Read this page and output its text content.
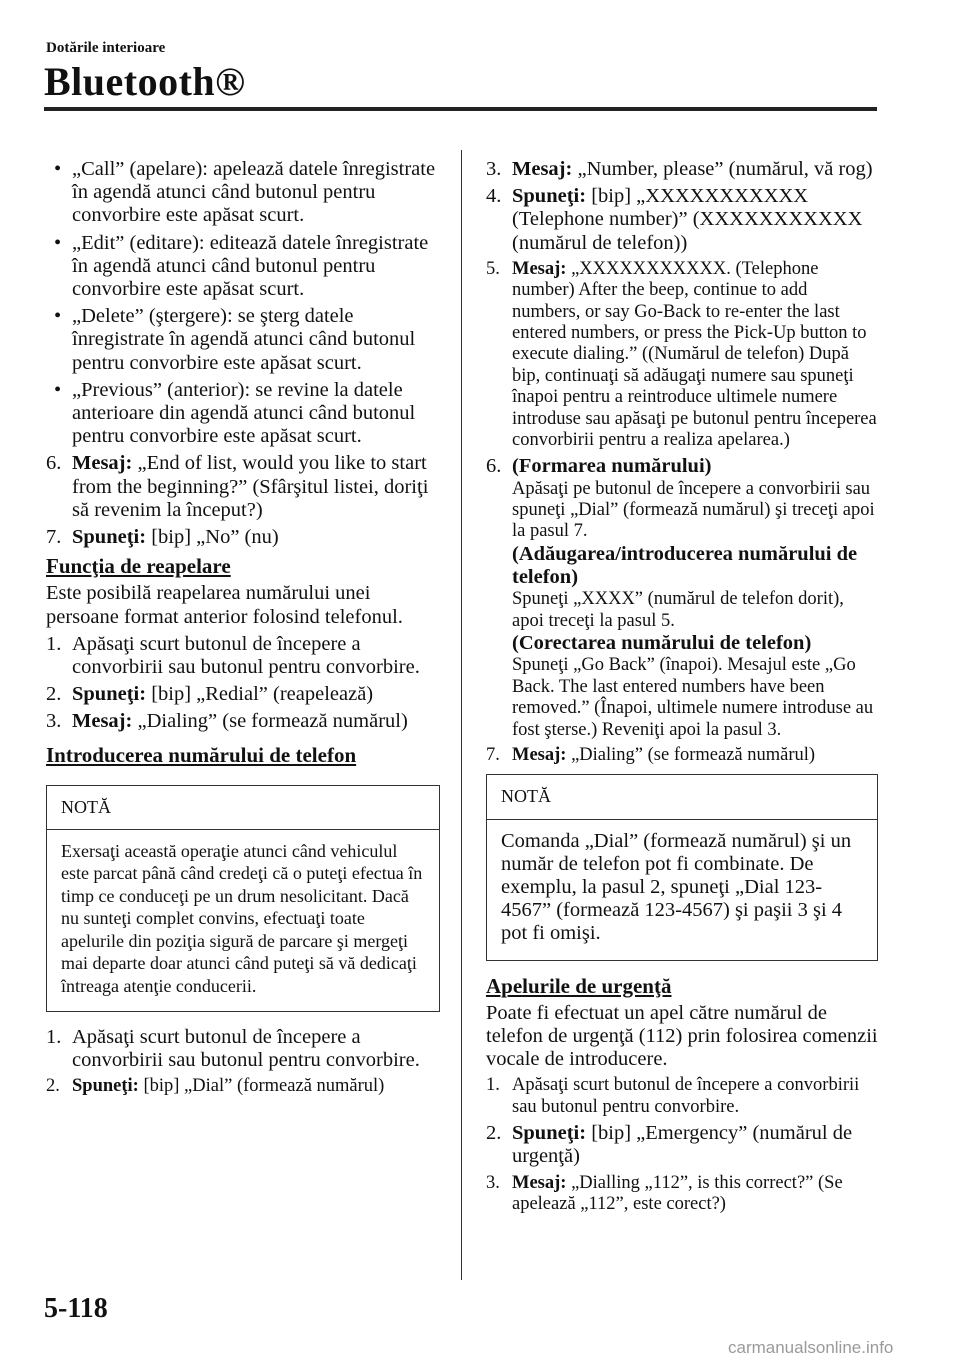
Dotările interioare
Bluetooth®
• „Call” (apelare): apelează datele înregistrate în agendă atunci când butonul pentru convorbire este apăsat scurt.
• „Edit” (editare): editează datele înregistrate în agendă atunci când butonul pentru convorbire este apăsat scurt.
• „Delete” (ştergere): se şterg datele înregistrate în agendă atunci când butonul pentru convorbire este apăsat scurt.
• „Previous” (anterior): se revine la datele anterioare din agendă atunci când butonul pentru convorbire este apăsat scurt.
6. Mesaj: „End of list, would you like to start from the beginning?” (Sfârşitul listei, doriţi să revenim la început?)
7. Spuneţi: [bip] „No” (nu)
Funcţia de reapelare
Este posibilă reapelarea numărului unei persoane format anterior folosind telefonul.
1. Apăsaţi scurt butonul de începere a convorbirii sau butonul pentru convorbire.
2. Spuneţi: [bip] „Redial” (reapelează)
3. Mesaj: „Dialing” (se formează numărul)
Introducerea numărului de telefon
NOTĂ
Exersaţi această operaţie atunci când vehiculul este parcat până când credeţi că o puteţi efectua în timp ce conduceţi pe un drum nesolicitant. Dacă nu sunteţi complet convins, efectuaţi toate apelurile din poziţia sigură de parcare şi mergeţi mai departe doar atunci când puteţi să vă dedicaţi întreaga atenţie conducerii.
1. Apăsaţi scurt butonul de începere a convorbirii sau butonul pentru convorbire.
2. Spuneţi: [bip] „Dial” (formează numărul)
3. Mesaj: „Number, please” (numărul, vă rog)
4. Spuneţi: [bip] „XXXXXXXXXXX (Telephone number)” (XXXXXXXXXXX (numărul de telefon))
5. Mesaj: „XXXXXXXXXXX. (Telephone number) After the beep, continue to add numbers, or say Go-Back to re-enter the last entered numbers, or press the Pick-Up button to execute dialing.” ((Numărul de telefon) După bip, continuaţi să adăugaţi numere sau spuneţi înapoi pentru a reintroduce ultimele numere introduse sau apăsaţi pe butonul pentru începerea convorbirii pentru a realiza apelarea.)
6. (Formarea numărului)
Apăsaţi pe butonul de începere a convorbirii sau spuneţi „Dial” (formează numărul) şi treceţi apoi la pasul 7.
(Adăugarea/introducerea numărului de telefon)
Spuneţi „XXXX” (numărul de telefon dorit), apoi treceţi la pasul 5.
(Corectarea numărului de telefon)
Spuneţi „Go Back” (înapoi). Mesajul este „Go Back. The last entered numbers have been removed.” (Înapoi, ultimele numere introduse au fost şterse.) Reveniţi apoi la pasul 3.
7. Mesaj: „Dialing” (se formează numărul)
NOTĂ
Comanda „Dial” (formează numărul) şi un număr de telefon pot fi combinate. De exemplu, la pasul 2, spuneţi „Dial 123-4567” (formează 123-4567) şi paşii 3 şi 4 pot fi omişi.
Apelurile de urgenţă
Poate fi efectuat un apel către numărul de telefon de urgenţă (112) prin folosirea comenzii vocale de introducere.
1. Apăsaţi scurt butonul de începere a convorbirii sau butonul pentru convorbire.
2. Spuneţi: [bip] „Emergency” (numărul de urgenţă)
3. Mesaj: „Dialling „112”, is this correct?” (Se apelează „112”, este corect?)
5-118
carmanualsonline.info
